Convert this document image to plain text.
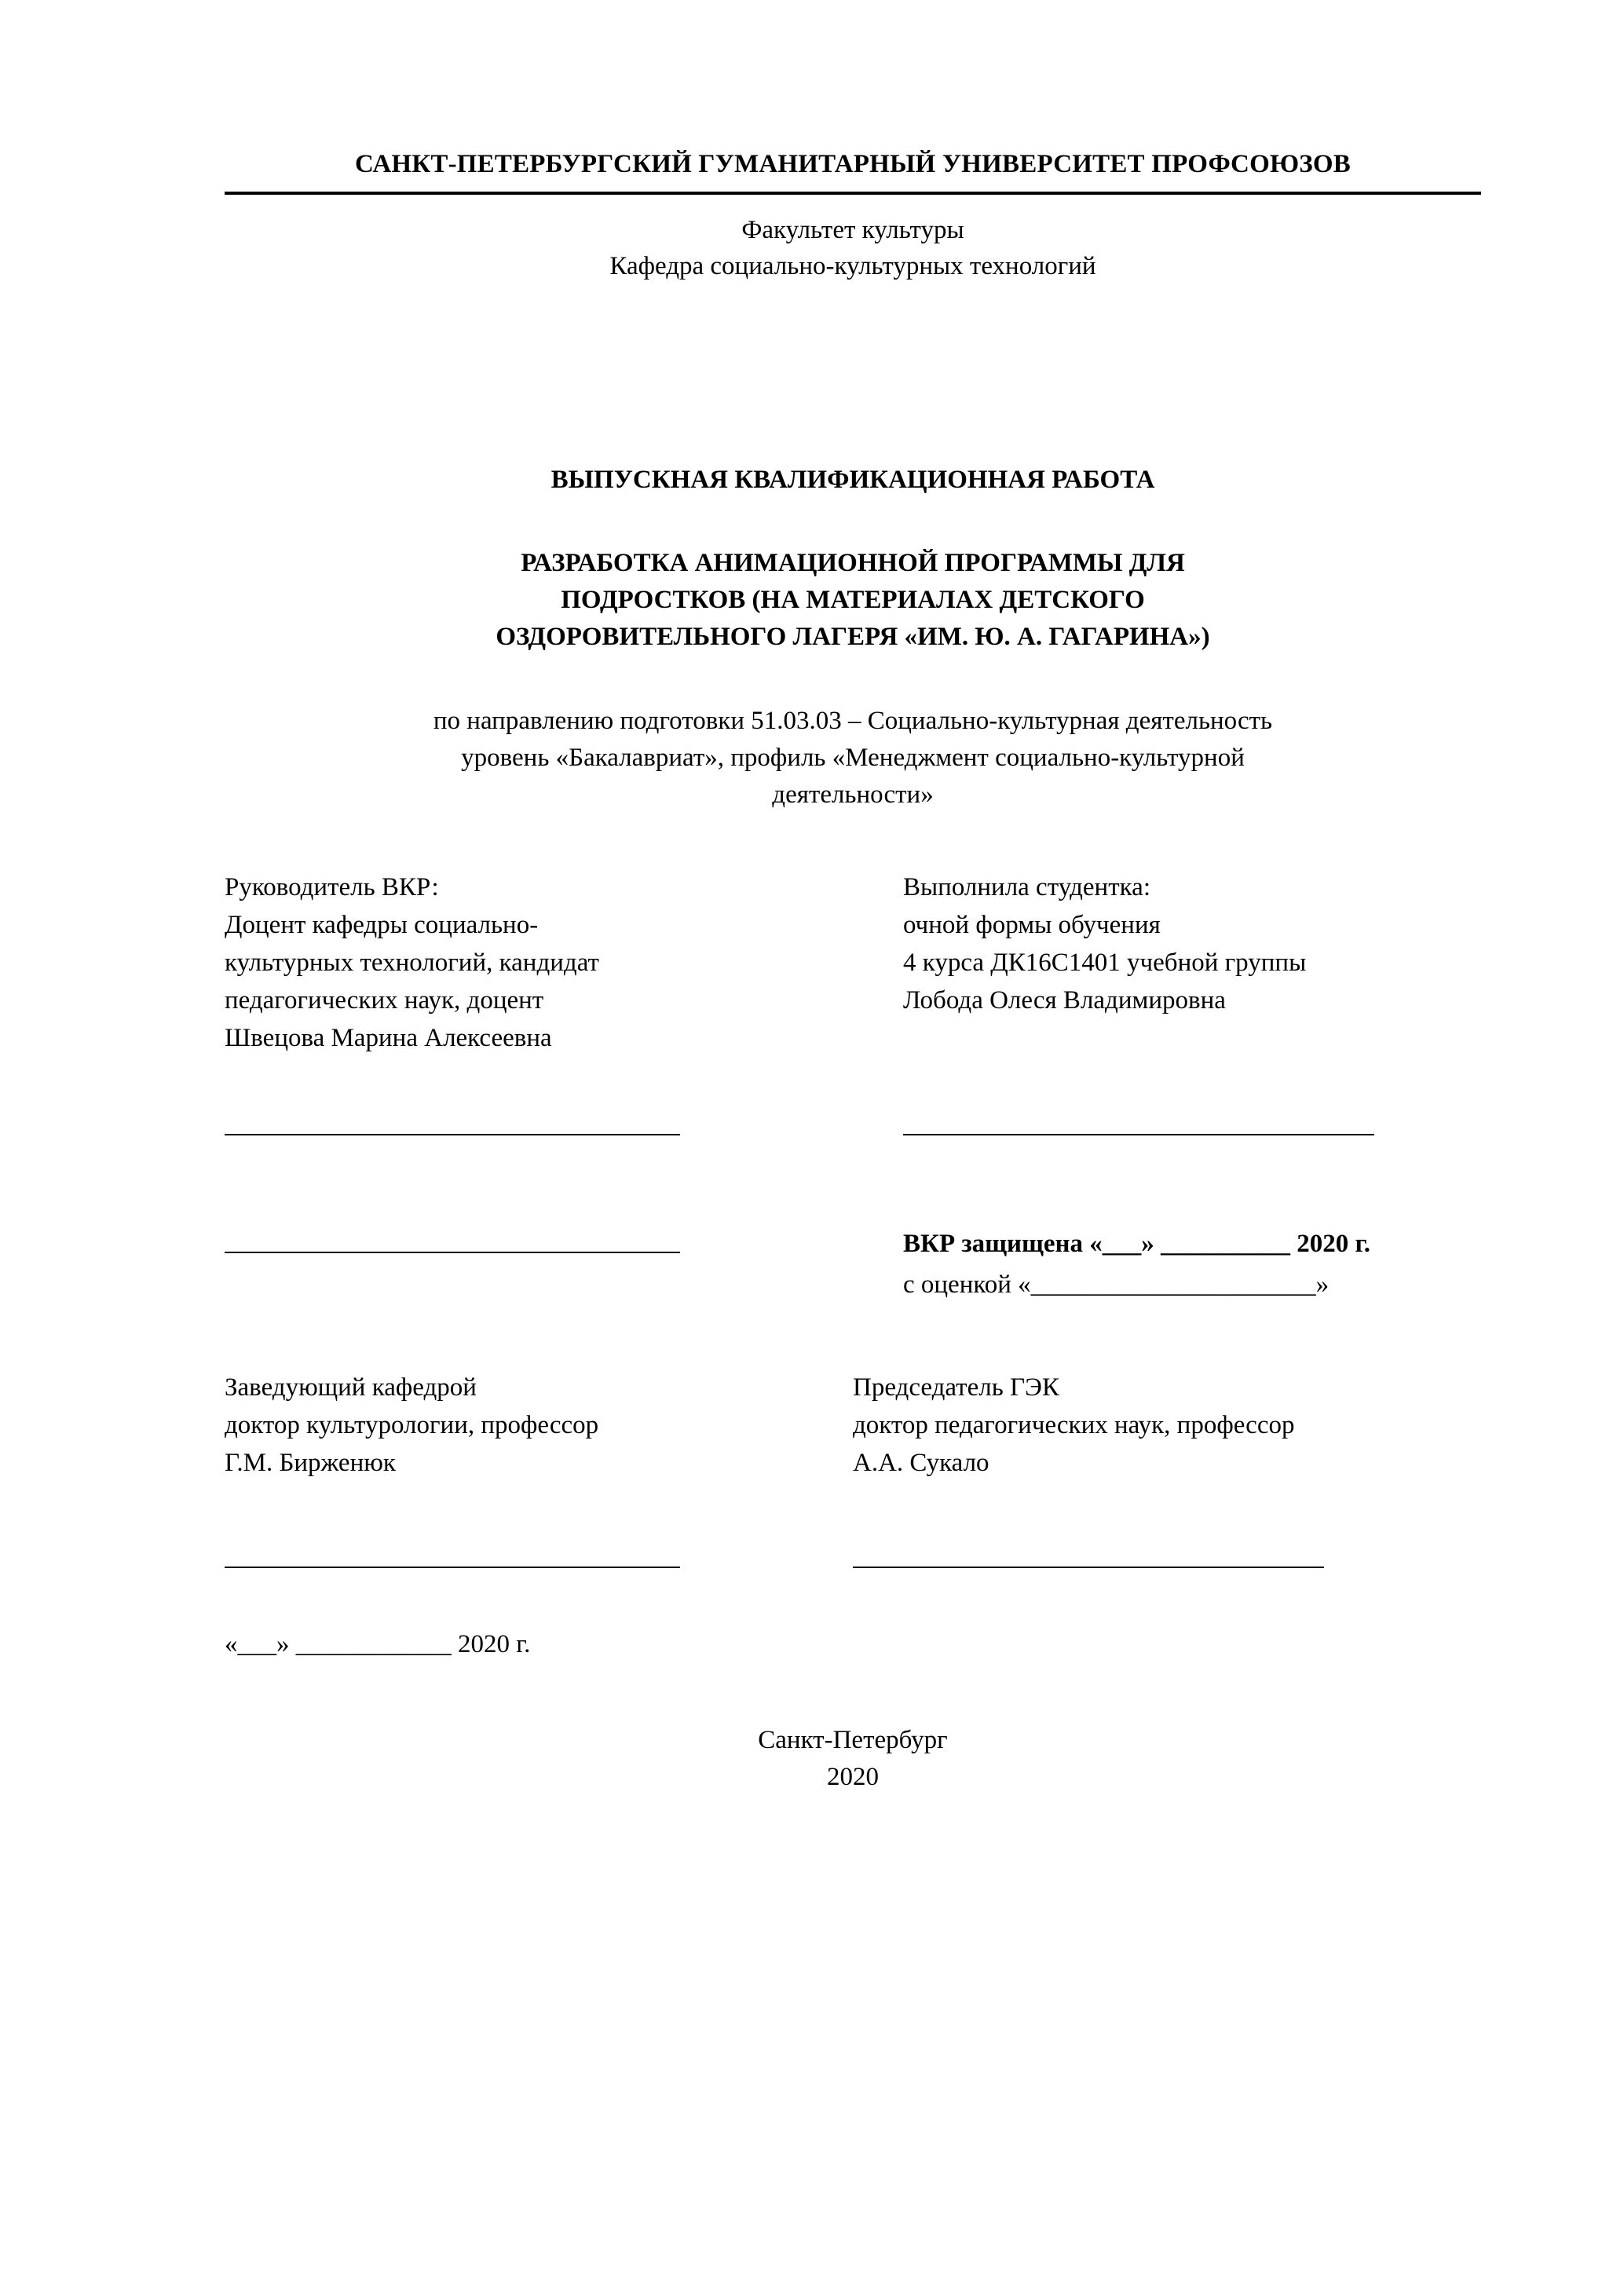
САНКТ-ПЕТЕРБУРГСКИЙ ГУМАНИТАРНЫЙ УНИВЕРСИТЕТ ПРОФСОЮЗОВ
Факультет культуры
Кафедра социально-культурных технологий
ВЫПУСКНАЯ КВАЛИФИКАЦИОННАЯ РАБОТА
РАЗРАБОТКА АНИМАЦИОННОЙ ПРОГРАММЫ ДЛЯ
ПОДРОСТКОВ (НА МАТЕРИАЛАХ ДЕТСКОГО
ОЗДОРОВИТЕЛЬНОГО ЛАГЕРЯ «ИМ. Ю. А. ГАГАРИНА»)
по направлению подготовки 51.03.03 – Социально-культурная деятельность
уровень «Бакалавриат», профиль «Менеджмент социально-культурной
деятельности»
Руководитель ВКР:
Доцент кафедры социально-
культурных технологий, кандидат
педагогических наук, доцент
Швецова Марина Алексеевна
Выполнила студентка:
очной формы обучения
4 курса ДК16С1401 учебной группы
Лобода Олеся Владимировна
ВКР защищена «___» __________ 2020 г.
с оценкой «______________________»
Заведующий кафедрой
доктор культурологии, профессор
Г.М. Бирженюк
Председатель ГЭК
доктор педагогических наук, профессор
А.А. Сукало
«___» ____________ 2020 г.
Санкт-Петербург
2020
